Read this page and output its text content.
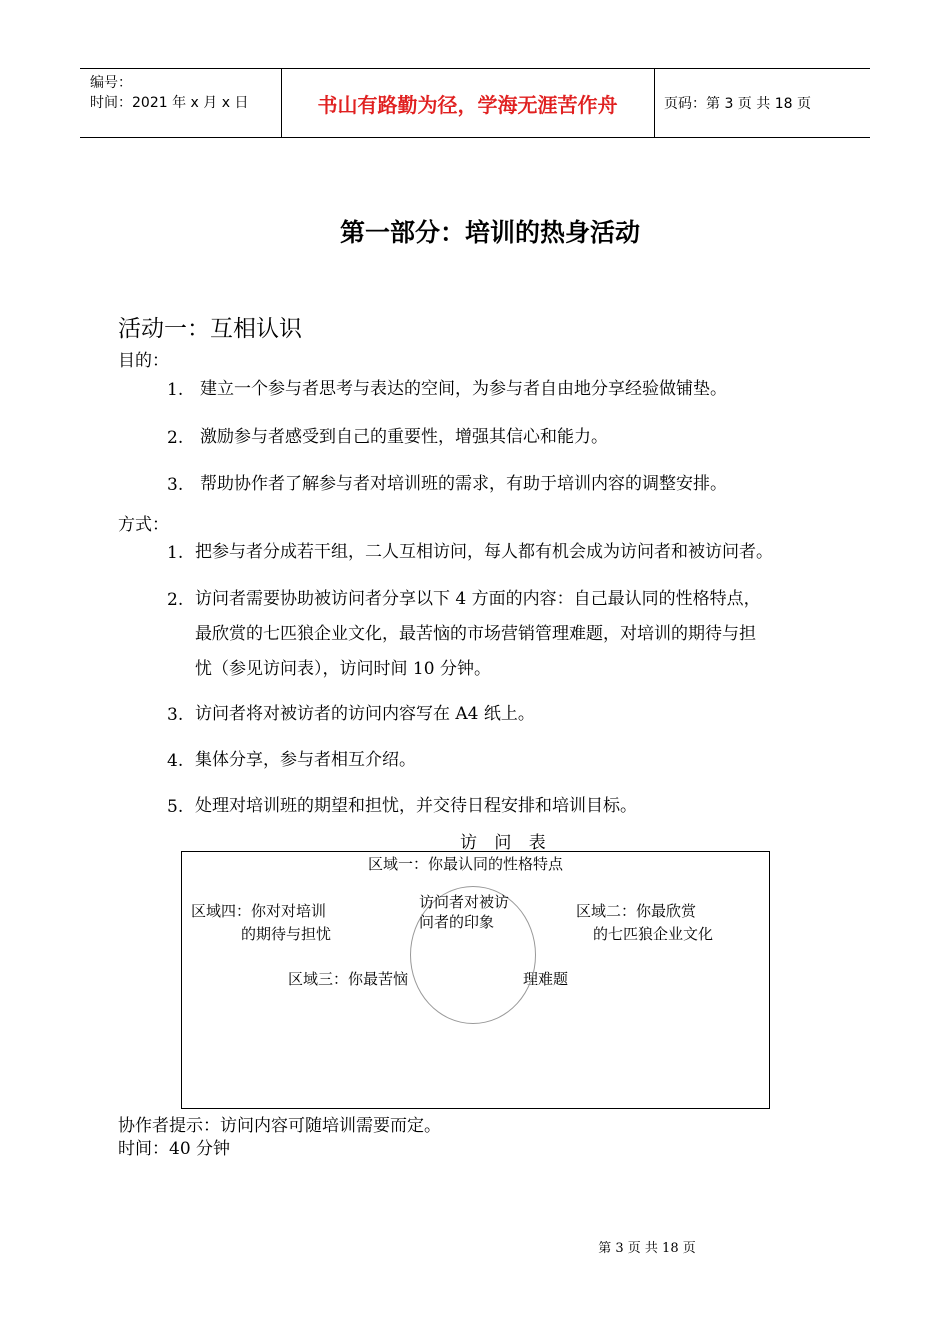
编号：
时间：2021 年 x 月 x 日	书山有路勤为径，学海无涯苦作舟	页码：第 3 页 共 18 页
第一部分：培训的热身活动
活动一：互相认识
目的：
1. 建立一个参与者思考与表达的空间，为参与者自由地分享经验做铺垫。
2. 激励参与者感受到自己的重要性，增强其信心和能力。
3. 帮助协作者了解参与者对培训班的需求，有助于培训内容的调整安排。
方式：
1. 把参与者分成若干组，二人互相访问，每人都有机会成为访问者和被访问者。
2. 访问者需要协助被访问者分享以下 4 方面的内容：自己最认同的性格特点，
最欣赏的七匹狼企业文化，最苦恼的市场营销管理难题，对培训的期待与担
忧（参见访问表），访问时间 10 分钟。
3. 访问者将对被访者的访问内容写在 A4 纸上。
4. 集体分享，参与者相互介绍。
5. 处理对培训班的期望和担忧，并交待日程安排和培训目标。
访 问 表
区域一：你最认同的性格特点
区域四：你对对培训
的期待与担忧
区域二：你最欣赏
的七匹狼企业文化
区域三：你最苦恼	理难题
访问者对被访
问者的印象
协作者提示：访问内容可随培训需要而定。
时间：40 分钟
第 3 页 共 18 页
